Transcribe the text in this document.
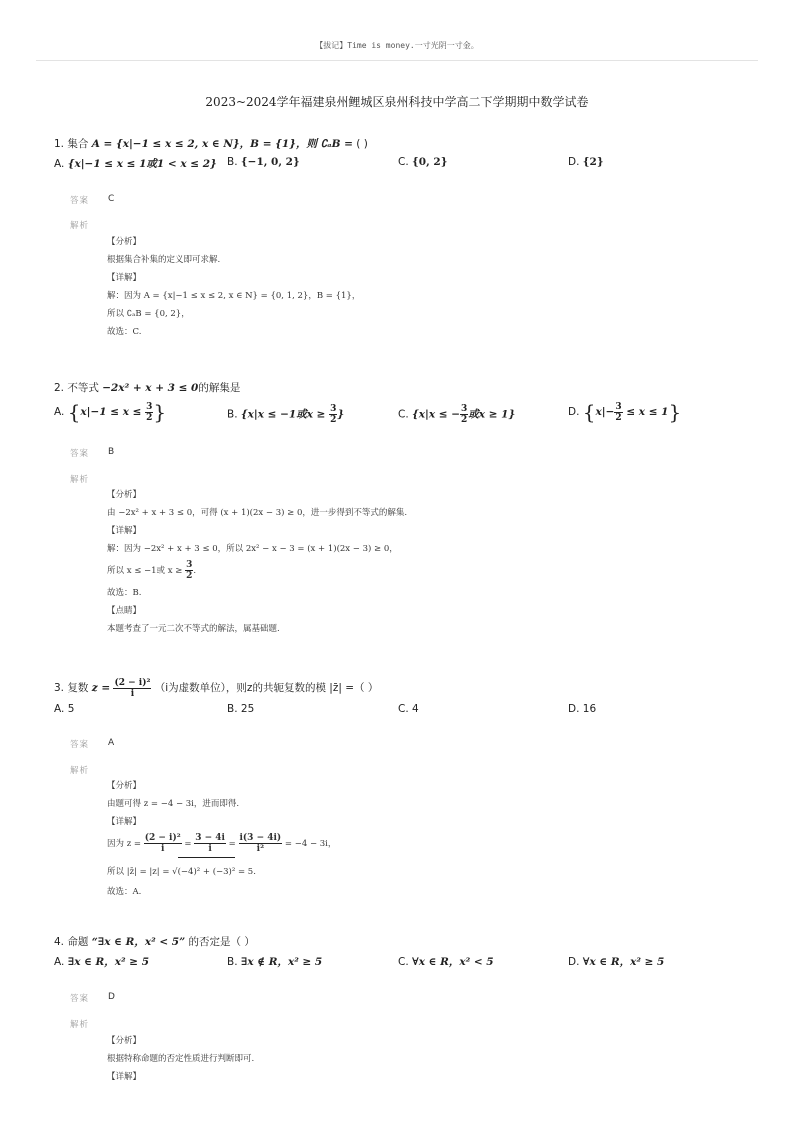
【拔记】Time is money.一寸光阴一寸金。
2023~2024学年福建泉州鲤城区泉州科技中学高二下学期期中数学试卷
1. 集合 A = {x|−1 ≤ x ≤ 2, x ∈ N}，B = {1}，则 ∁ₐB = ( )
A. {x|−1 ≤ x ≤ 1或1 < x ≤ 2} B. {−1, 0, 2}	C. {0, 2}	D. {2}
答案 C
解析
【分析】
根据集合补集的定义即可求解.
【详解】
解：因为 A = {x|−1 ≤ x ≤ 2, x ∈ N} = {0, 1, 2}，B = {1}，
所以 ∁ₐB = {0, 2}，
故选：C.
2. 不等式 −2x² + x + 3 ≤ 0的解集是
A. {$x|-1 \le x \le \frac{3}{2}$ }	B. {x|x ≤ −1或$x \ge \frac{3}{2}$ }	C. {x|x ≤ − $\frac{3}{2}$ 或x ≥ 1}	D. $\{x|- \frac{3}{2} \le x \le 1\}$
答案 B
解析
【分析】
由 −2x² + x + 3 ≤ 0，可得 (x + 1)(2x − 3) ≥ 0，进一步得到不等式的解集.
【详解】
解：因为 −2x² + x + 3 ≤ 0，所以 2x² − x − 3 = (x + 1)(2x − 3) ≥ 0，
所以 x ≤ −1或 $x \ge \frac{3}{2}$ .
故选：B.
【点睛】
本题考查了一元二次不等式的解法，属基础题.
3. 复数 $z = \frac{\text{(2 − i)²}}{i} (i$为虚数单位），则z的共轭复数的模 |z̄| =（ ）
A. 5	B. 25	C. 4	D. 16
答案 A
解析
【分析】
由题可得 z = −4 − 3i，进而即得.
【详解】
因为 $z = \frac{\text{(2 − i)²}}{i} = \frac{3 - 4i}{i} = \frac{i(3 - 4i)}{\text{i²}} = -4 - 3i$，
所以 |z̄| = |z| = √(−4)² + (−3)² = 5.
故选：A.
4. 命题 “∃x ∈ R，x² < 5” 的否定是（ ）
A. ∃x ∈ R，x² ≥ 5	B. ∃x ∉ R，x² ≥ 5	C. ∀x ∈ R，x² < 5	D. ∀x ∈ R，x² ≥ 5
答案 D
解析
【分析】
根据特称命题的否定性质进行判断即可.
【详解】
